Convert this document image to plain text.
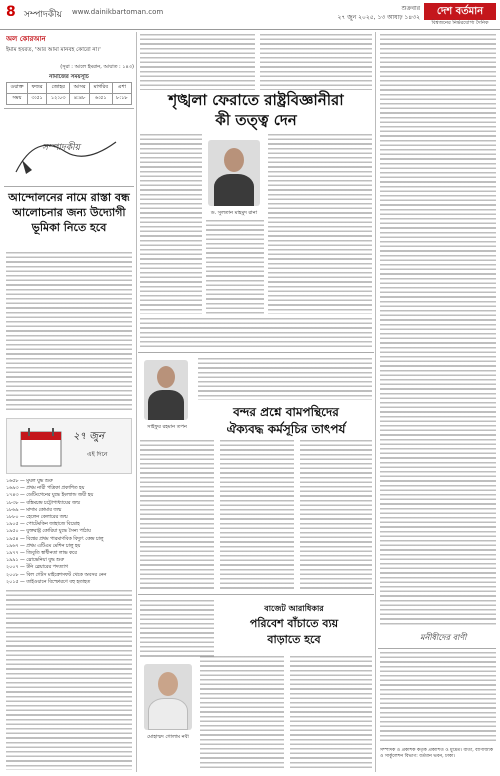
8 সম্পাদকীয় www.dainikbartoman.com	শুক্রবার
২৭ জুন ২০২৫, ১৩ আষাঢ় ১৪৩২
দেশ বর্তমান
বিশ্বজনের নির্ভরযোগ্য দৈনিক
অল কোরআন
ইমাম হযরত, 'আর আমা মানবহ কোরো না।'
(সূরা : আলে ইমরান, আয়াত : ১৪৩)
নামাজের সময়সূচি
ওয়াক্ত	ফজর	জোহর	আসর	মাগরিব	এশা
সময়	৩:৫১	১২:০৩	৪:৪৮	৬:৫১	৮:১৮
সম্পাদকীয়
আন্দোলনের নামে রাস্তা বন্ধ আলোচনার জন্য উদ্যোগী ভূমিকা নিতে হবে
২৭ জুন
এই দিনে
১৬৫৮ — মুঘল যুদ্ধ শুরু
১৬৯৩ — প্রথম নারী পত্রিকা প্রকাশিত হয়
১৭৪৩ — ডেটিংগেনের যুদ্ধে ইংল্যান্ড জয়ী হয়
১৮৩৮ — বঙ্কিমচন্দ্র চট্টোপাধ্যায়ের জন্ম
১৮৬৯ — মাদাম কোমার জন্ম
১৮৮০ — হেলেন কেলারের জন্ম
১৯০৫ — পোটেমকিন জাহাজে বিদ্রোহ
১৯৫০ — যুক্তরাষ্ট্র কোরিয়া যুদ্ধে সৈন্য পাঠায়
১৯৫৪ — বিশ্বের প্রথম পারমাণবিক বিদ্যুৎ কেন্দ্র চালু
১৯৬৭ — প্রথম এটিএম মেশিন চালু হয়
১৯৭৭ — জিবুতি স্বাধীনতা লাভ করে
১৯৯১ — স্লোভেনিয়া যুদ্ধ শুরু
২০০৭ — টনি ব্লেয়ারের পদত্যাগ
২০০৮ — বিল গেটস মাইক্রোসফট থেকে অবসর নেন
২০১৫ — তাইওয়ানে বিস্ফোরণে বহু হতাহত
শৃঙ্খলা ফেরাতে রাষ্ট্রবিজ্ঞানীরা
কী তত্ত্ব দেন
ড. সুলতান মাহমুদ রানা
সাইফুর রহমান তপন
বন্দর প্রশ্নে বামপন্থিদের
ঐক্যবদ্ধ কর্মসূচির তাৎপর্য
বাজেট আরাধিকার
পরিবেশ বাঁচাতে ব্যয়
বাড়াতে হবে
মোহাম্মদ গোলাম নবী
মনীষীদের বাণী
সম্পাদক ও প্রকাশক কর্তৃক প্রকাশিত ও মুদ্রিত। বার্তা, বাণিজ্যিক ও সার্কুলেশন বিভাগ: বর্তমান ভবন, ঢাকা।
